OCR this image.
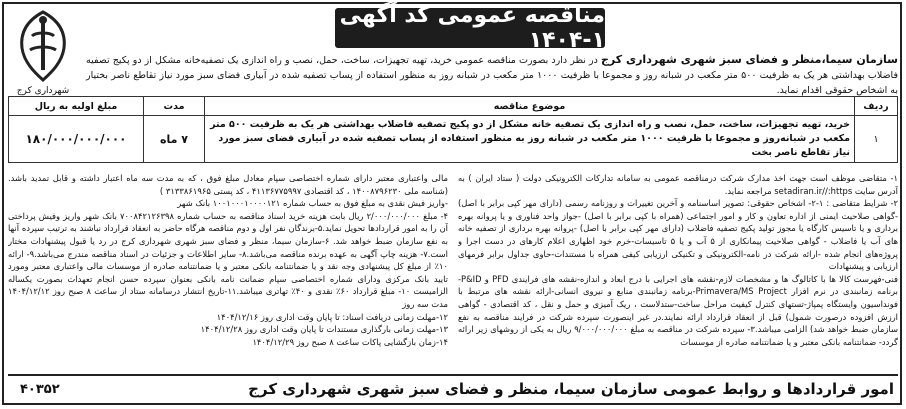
شهرداری کرج
مناقصه عمومی کد آگهی ۱-۱۴۰۴
سازمان سیما،منظر و فضای سبز شهری شهرداری کرج در نظر دارد بصورت مناقصه عمومی خرید، تهیه تجهیزات، ساخت، حمل، نصب و راه اندازی یک تصفیه‌خانه مشکل از دو پکیج تصفیه فاضلاب بهداشتی هر یک به ظرفیت ۵۰۰ متر مکعب در شبانه روز و مجموعا با ظرفیت ۱۰۰۰ متر مکعب در شبانه روز به منظور استفاده از پساب تصفیه شده در آبیاری فضای سبز مورد نیاز تقاطع ناصر بختیار به اشخاص حقوقی اقدام نماید.
ردیف	موضوع مناقصه	مدت	مبلغ اولیه به ریال
۱	خرید، تهیه تجهیزات، ساخت، حمل، نصب و راه اندازی یک تصفیه خانه مشکل از دو پکیج تصفیه فاضلاب بهداشتی هر یک به ظرفیت ۵۰۰ متر مکعب در شبانه‌روز و مجموعا با ظرفیت ۱۰۰۰ متر مکعب در شبانه روز به منظور استفاده از پساب تصفیه شده در آبیاری فضای سبز مورد نیاز تقاطع ناصر بخت	۷ ماه	۱۸۰/۰۰۰/۰۰۰/۰۰۰

۱- متقاضی موظف است جهت اخذ مدارک شرکت درمناقصه عمومی به سامانه تدارکات الکترونیکی دولت ( ستاد ایران ) به آدرس سایت setadiran.ir//:https مراجعه نماید.

۲- شرایط متقاضی : ۱-۲- اشخاص حقوقی: تصویر اساسنامه و آخرین تغییرات و روزنامه رسمی (دارای مهر کپی برابر با اصل) -گواهی صلاحیت ایمنی از اداره تعاون و کار و امور اجتماعی (همراه با کپی برابر با اصل) -جواز واحد فناوری و یا پروانه بهره برداری و یا تاسیس کارگاه یا مجوز تولید پکیج تصفیه فاضلاب (دارای مهر کپی برابر با اصل) -پروانه بهره برداری از تصفیه خانه های آب یا فاضلاب - گواهی صلاحیت پیمانکاری از ۵ آب و یا ۵ تاسیسات-خرم خود اظهاری اعلام کارهای در دست اجرا و پروژه‌های انجام شده -ارائه شرکت در نامه-الکترونیکی و تکنیکی ارزیابی کیفی همراه با مستندات-حاوی جداول برابر فرمهای ارزیابی و پیشنهادات

فنی-فهرست کالا ها با کاتالوگ ها و مشخصات لازم-نقشه های اجرایی با درج ابعاد و اندازه-نقشه های فرایندی PFD و P&ID-برنامه زمانبندی در نرم افزار Primavera/MS Project-برنامه زمانبندی منابع و نیروی انسانی-ارائه نقشه های مرتبط با فونداسیون وایستگاه پمپاژ-تستهای کنترل کیفیت مراحل ساخت-ستدلاست ، ریک آمیزی و حمل و نقل ، کد اقتصادی - گواهی ارزش افزوده درصورت شمول) قبل از انعقاد قرارداد ارائه نمایند.در غیر اینصورت سپرده شرکت در فرایند مناقصه به نفع سازمان ضبط خواهد شد) الزامی میباشد.۳- سپرده شرکت در مناقصه به مبلغ ۹/۰۰۰/۰۰۰/۰۰۰ ریال به یکی از روشهای زیر ارائه گردد- ضمانتنامه بانکی معتبر و یا ضمانتنامه صادره از موسسات

مالی واعتباری معتبر دارای شماره اختصاصی سپام معادل مبلغ فوق ، که به مدت سه ماه اعتبار داشته و قابل تمدید باشد. (شناسه ملی ۱۴۰۰۸۷۹۶۲۳۰ ، کد اقتصادی ۴۱۱۳۶۷۷۵۹۹۷ ، کد پستی ۳۱۳۳۸۶۱۹۶۵ )

-واریز فیش نقدی به مبلغ فوق به حساب شماره ۱۰۰۱۰۰۰۱۰۰۰۰۱۲۱ بانک شهر

۴- مبلغ ۲/۰۰۰/۰۰۰/۰۰۰ ریال بابت هزینه خرید اسناد مناقصه به حساب شماره ۷۰۰۸۴۲۱۲۶۳۹۸ بانک شهر واریز وفیش پرداختی آن را به امور قراردادها تحویل نماید.۵-برندگان نفر اول و دوم مناقصه هرگاه حاضر به انعقاد قرارداد نباشند به ترتیب سپرده آنها به نفع سازمان ضبط خواهد شد. ۶-سازمان سیما، منظر و فضای سبز شهری شهرداری کرج در رد یا قبول پیشنهادات مختار است.۷- هزینه چاپ آگهی به عهده برنده مناقصه می‌باشد.۸- سایر اطلاعات و جزئیات در اسناد مناقصه مندرج می‌باشد.۹- ارائه ۱۰٪ از مبلغ کل پیشنهادی وجه نقد و یا ضمانتنامه بانکی معتبر و یا ضمانتنامه صادره از موسسات مالی واعتباری معتبر ومورد تایید بانک مرکزی ودارای شماره اختصاصی سپام ضمانت نامه بانکی بعنوان سپرده حسن انجام تعهدات بصورت یکساله الزامیست ۱۰- مبلغ قرارداد ۶۰٪ نقدی و ۴۰٪ تهاتری میباشد.۱۱-تاریخ انتشار درسامانه ستاد از ساعت ۸ صبح روز ۱۴۰۴/۱۲/۱۲ مدت سه روز

۱۲-مهلت زمانی دریافت اسناد: تا پایان وقت اداری روز ۱۴۰۴/۱۲/۱۶

۱۳-مهلت زمانی بارگذاری مستندات تا پایان وقت اداری روز ۱۴۰۴/۱۲/۲۸

۱۴-زمان بازگشایی پاکات ساعت ۸ صبح روز ۱۴۰۴/۱۲/۲۹

امور قراردادها و روابط عمومی سازمان سیما، منظر و فضای سبز شهری شهرداری کرج
۴۰۳۵۲
